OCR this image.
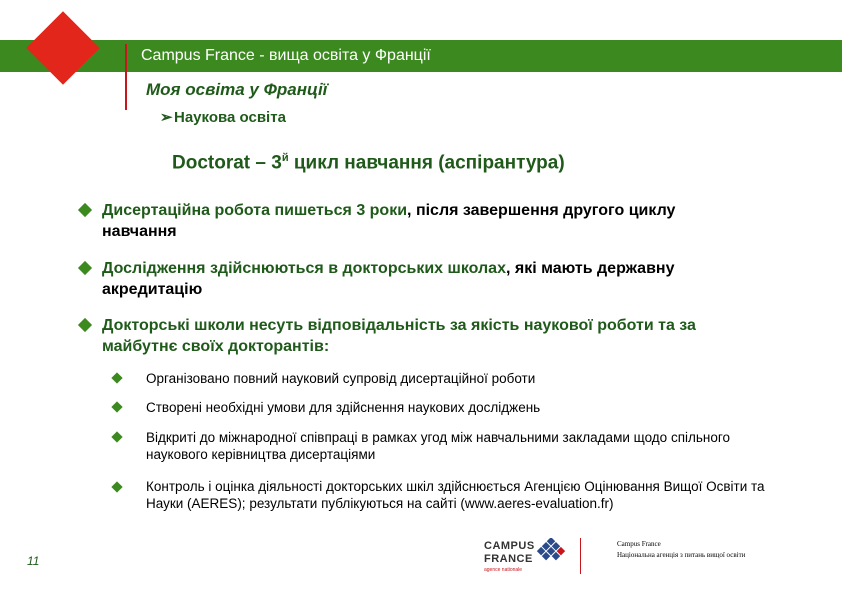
Campus France - вища освіта у Франції
Моя освіта у Франції
➢Наукова освіта
Doctorat – $3^й$ цикл навчання (аспірантура)
Дисертаційна робота пишеться 3 роки, після завершення другого циклу навчання
Дослідження здійснюються в докторських школах, які мають державну акредитацію
Докторські школи несуть відповідальність за якість наукової роботи та за майбутнє своїх докторантів:
Організовано повний науковий супровід дисертаційної роботи
Створені необхідні умови для здійснення наукових досліджень
Відкриті до міжнародної співпраці в рамках угод між навчальними закладами щодо спільного наукового керівництва дисертаціями
Контроль і оцінка діяльності докторських шкіл здійснюється Агенцією Оцінювання Вищої Освіти та Науки (AERES); результати публікуються на сайті (www.aeres-evaluation.fr)
11
CAMPUS
FRANCE
agence nationale
Campus France
Національна агенція з питань вищої освіти
